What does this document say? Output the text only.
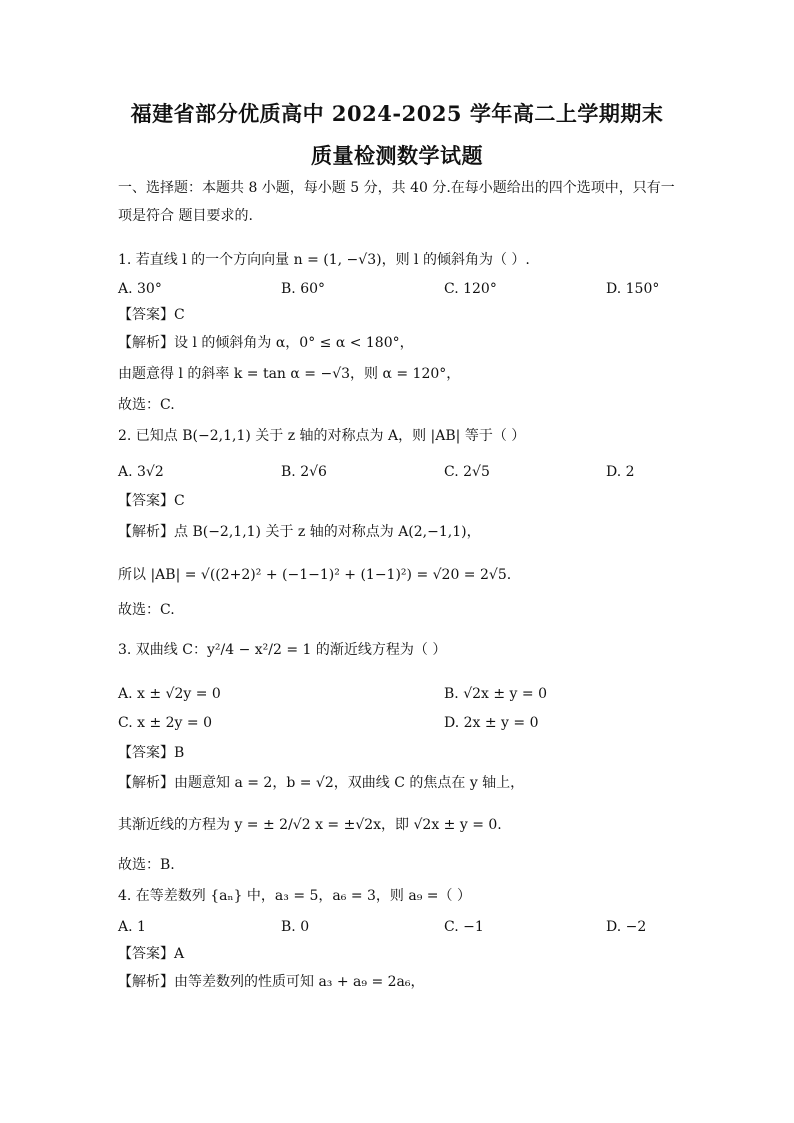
福建省部分优质高中 2024-2025 学年高二上学期期末
质量检测数学试题
一、选择题：本题共 8 小题，每小题 5 分，共 40 分.在每小题给出的四个选项中，只有一
项是符合 题目要求的.
1. 若直线 l 的一个方向向量 n = (1, −√3)，则 l 的倾斜角为（ ）.
A. 30°	B. 60°	C. 120°	D. 150°
【答案】C
【解析】设 l 的倾斜角为 α，0° ≤ α < 180°，
由题意得 l 的斜率 k = tan α = −√3，则 α = 120°，
故选：C.
2. 已知点 B(−2,1,1) 关于 z 轴的对称点为 A，则 |AB| 等于（ ）
A. 3√2	B. 2√6	C. 2√5	D. 2
【答案】C
【解析】点 B(−2,1,1) 关于 z 轴的对称点为 A(2,−1,1)，
所以 |AB| = √((2+2)² + (−1−1)² + (1−1)²) = √20 = 2√5.
故选：C.
3. 双曲线 C：y²/4 − x²/2 = 1 的渐近线方程为（ ）
A. x ± √2y = 0	B. √2x ± y = 0
C. x ± 2y = 0	D. 2x ± y = 0
【答案】B
【解析】由题意知 a = 2，b = √2，双曲线 C 的焦点在 y 轴上，
其渐近线的方程为 y = ± 2/√2 x = ±√2x，即 √2x ± y = 0.
故选：B.
4. 在等差数列 {aₙ} 中，a₃ = 5，a₆ = 3，则 a₉ =（ ）
A. 1	B. 0	C. −1	D. −2
【答案】A
【解析】由等差数列的性质可知 a₃ + a₉ = 2a₆，
